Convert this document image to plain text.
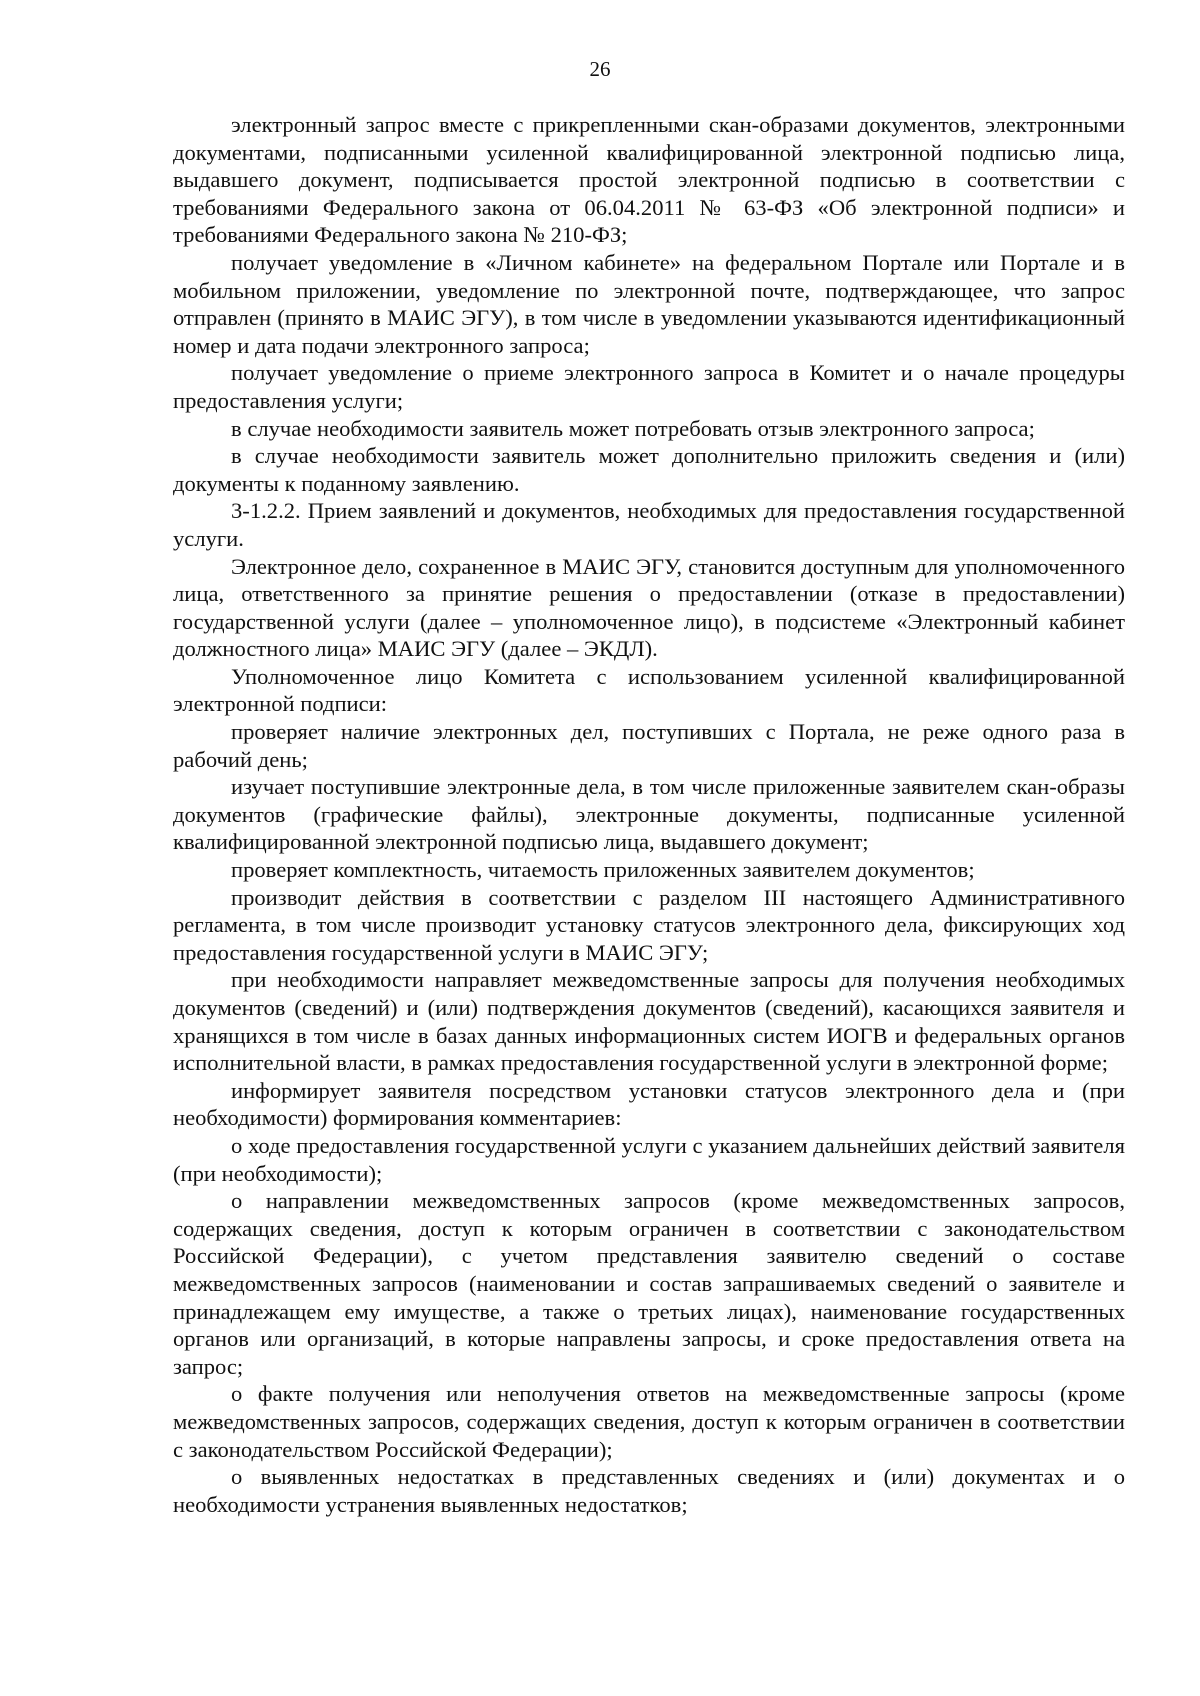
26

электронный запрос вместе с прикрепленными скан-образами документов, электронными документами, подписанными усиленной квалифицированной электронной подписью лица, выдавшего документ, подписывается простой электронной подписью в соответствии с требованиями Федерального закона от 06.04.2011 № 63-ФЗ «Об электронной подписи» и требованиями Федерального закона № 210-ФЗ;

получает уведомление в «Личном кабинете» на федеральном Портале или Портале и в мобильном приложении, уведомление по электронной почте, подтверждающее, что запрос отправлен (принято в МАИС ЭГУ), в том числе в уведомлении указываются идентификационный номер и дата подачи электронного запроса;

получает уведомление о приеме электронного запроса в Комитет и о начале процедуры предоставления услуги;

в случае необходимости заявитель может потребовать отзыв электронного запроса;

в случае необходимости заявитель может дополнительно приложить сведения и (или) документы к поданному заявлению.

3-1.2.2. Прием заявлений и документов, необходимых для предоставления государственной услуги.

Электронное дело, сохраненное в МАИС ЭГУ, становится доступным для уполномоченного лица, ответственного за принятие решения о предоставлении (отказе в предоставлении) государственной услуги (далее – уполномоченное лицо), в подсистеме «Электронный кабинет должностного лица» МАИС ЭГУ (далее – ЭКДЛ).

Уполномоченное лицо Комитета с использованием усиленной квалифицированной электронной подписи:

проверяет наличие электронных дел, поступивших с Портала, не реже одного раза в рабочий день;

изучает поступившие электронные дела, в том числе приложенные заявителем скан-образы документов (графические файлы), электронные документы, подписанные усиленной квалифицированной электронной подписью лица, выдавшего документ;

проверяет комплектность, читаемость приложенных заявителем документов;

производит действия в соответствии с разделом III настоящего Административного регламента, в том числе производит установку статусов электронного дела, фиксирующих ход предоставления государственной услуги в МАИС ЭГУ;

при необходимости направляет межведомственные запросы для получения необходимых документов (сведений) и (или) подтверждения документов (сведений), касающихся заявителя и хранящихся в том числе в базах данных информационных систем ИОГВ и федеральных органов исполнительной власти, в рамках предоставления государственной услуги в электронной форме;

информирует заявителя посредством установки статусов электронного дела и (при необходимости) формирования комментариев:

о ходе предоставления государственной услуги с указанием дальнейших действий заявителя (при необходимости);

о направлении межведомственных запросов (кроме межведомственных запросов, содержащих сведения, доступ к которым ограничен в соответствии с законодательством Российской Федерации), с учетом представления заявителю сведений о составе межведомственных запросов (наименовании и состав запрашиваемых сведений о заявителе и принадлежащем ему имуществе, а также о третьих лицах), наименование государственных органов или организаций, в которые направлены запросы, и сроке предоставления ответа на запрос;

о факте получения или неполучения ответов на межведомственные запросы (кроме межведомственных запросов, содержащих сведения, доступ к которым ограничен в соответствии с законодательством Российской Федерации);

о выявленных недостатках в представленных сведениях и (или) документах и о необходимости устранения выявленных недостатков;
